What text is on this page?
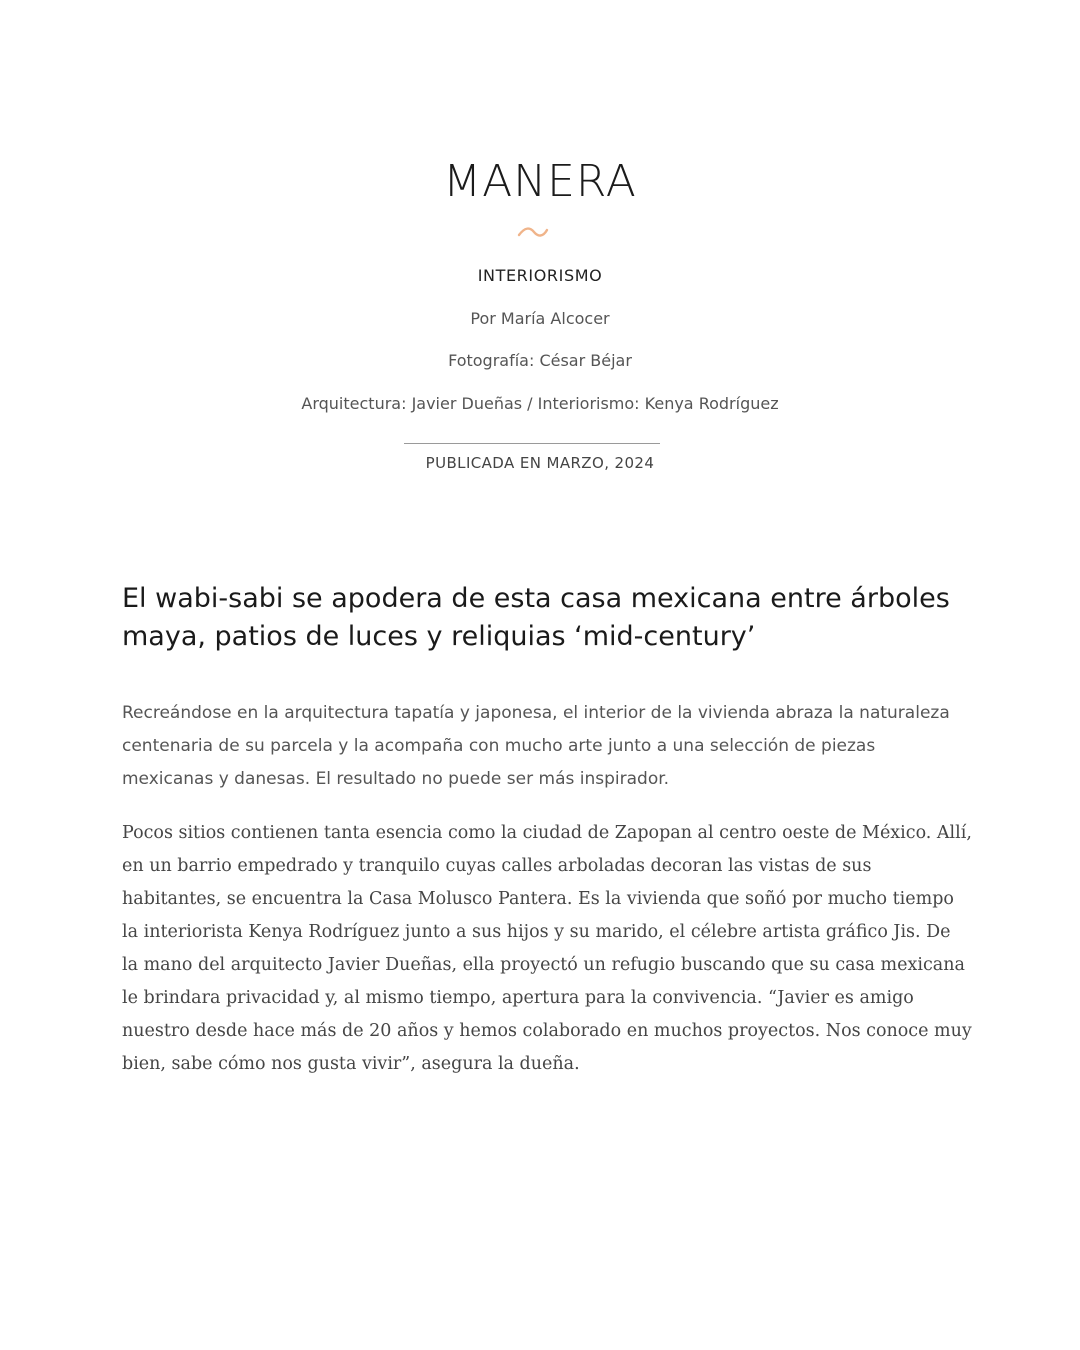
MANERA
INTERIORISMO
Por María Alcocer
Fotografía: César Béjar
Arquitectura: Javier Dueñas / Interiorismo: Kenya Rodríguez
PUBLICADA EN MARZO, 2024
El wabi-sabi se apodera de esta casa mexicana entre árboles maya, patios de luces y reliquias ‘mid-century’

Recreándose en la arquitectura tapatía y japonesa, el interior de la vivienda abraza la naturaleza centenaria de su parcela y la acompaña con mucho arte junto a una selección de piezas mexicanas y danesas. El resultado no puede ser más inspirador.

Pocos sitios contienen tanta esencia como la ciudad de Zapopan al centro oeste de México. Allí, en un barrio empedrado y tranquilo cuyas calles arboladas decoran las vistas de sus habitantes, se encuentra la Casa Molusco Pantera. Es la vivienda que soñó por mucho tiempo la interiorista Kenya Rodríguez junto a sus hijos y su marido, el célebre artista gráfico Jis. De la mano del arquitecto Javier Dueñas, ella proyectó un refugio buscando que su casa mexicana le brindara privacidad y, al mismo tiempo, apertura para la convivencia. “Javier es amigo nuestro desde hace más de 20 años y hemos colaborado en muchos proyectos. Nos conoce muy bien, sabe cómo nos gusta vivir”, asegura la dueña.
